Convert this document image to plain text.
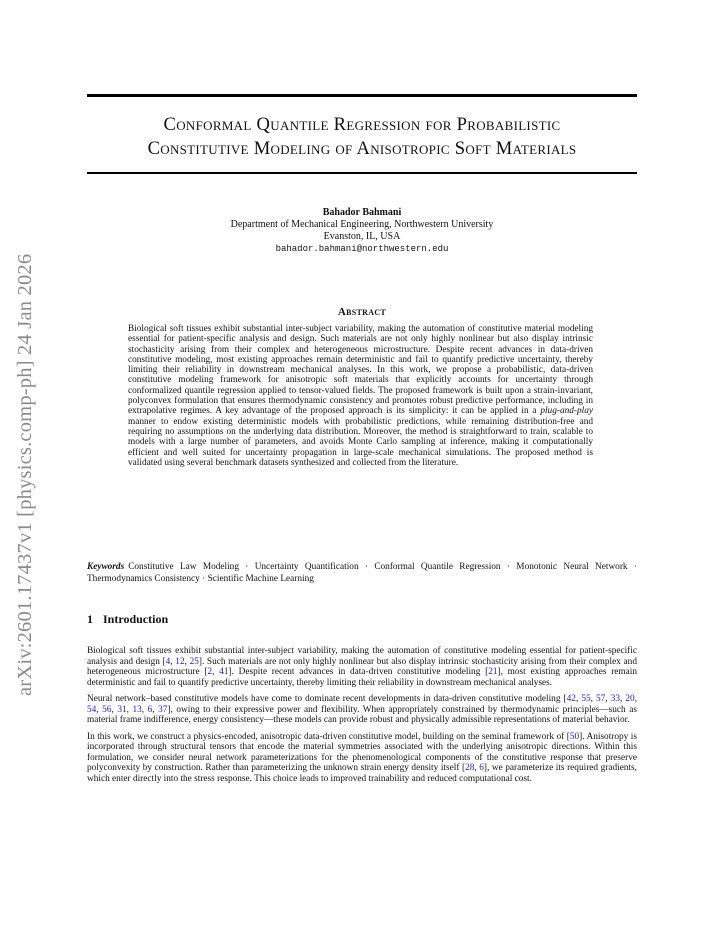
arXiv:2601.17437v1 [physics.comp-ph] 24 Jan 2026
Conformal Quantile Regression for Probabilistic
Constitutive Modeling of Anisotropic Soft Materials
Bahador Bahmani
Department of Mechanical Engineering, Northwestern University
Evanston, IL, USA
bahador.bahmani@northwestern.edu
Abstract
Biological soft tissues exhibit substantial inter-subject variability, making the automation of constitutive material modeling essential for patient-specific analysis and design. Such materials are not only highly nonlinear but also display intrinsic stochasticity arising from their complex and heterogeneous microstructure. Despite recent advances in data-driven constitutive modeling, most existing approaches remain deterministic and fail to quantify predictive uncertainty, thereby limiting their reliability in downstream mechanical analyses. In this work, we propose a probabilistic, data-driven constitutive modeling framework for anisotropic soft materials that explicitly accounts for uncertainty through conformalized quantile regression applied to tensor-valued fields. The proposed framework is built upon a strain-invariant, polyconvex formulation that ensures thermodynamic consistency and promotes robust predictive performance, including in extrapolative regimes. A key advantage of the proposed approach is its simplicity: it can be applied in a plug-and-play manner to endow existing deterministic models with probabilistic predictions, while remaining distribution-free and requiring no assumptions on the underlying data distribution. Moreover, the method is straightforward to train, scalable to models with a large number of parameters, and avoids Monte Carlo sampling at inference, making it computationally efficient and well suited for uncertainty propagation in large-scale mechanical simulations. The proposed method is validated using several benchmark datasets synthesized and collected from the literature.
Keywords Constitutive Law Modeling · Uncertainty Quantification · Conformal Quantile Regression · Monotonic Neural Network · Thermodynamics Consistency · Scientific Machine Learning
1 Introduction

Biological soft tissues exhibit substantial inter-subject variability, making the automation of constitutive modeling essential for patient-specific analysis and design [4, 12, 25]. Such materials are not only highly nonlinear but also display intrinsic stochasticity arising from their complex and heterogeneous microstructure [2, 41]. Despite recent advances in data-driven constitutive modeling [21], most existing approaches remain deterministic and fail to quantify predictive uncertainty, thereby limiting their reliability in downstream mechanical analyses.

Neural network–based constitutive models have come to dominate recent developments in data-driven constitutive modeling [42, 55, 57, 33, 20, 54, 56, 31, 13, 6, 37], owing to their expressive power and flexibility. When appropriately constrained by thermodynamic principles—such as material frame indifference, energy consistency—these models can provide robust and physically admissible representations of material behavior.

In this work, we construct a physics-encoded, anisotropic data-driven constitutive model, building on the seminal framework of [50]. Anisotropy is incorporated through structural tensors that encode the material symmetries associated with the underlying anisotropic directions. Within this formulation, we consider neural network parameterizations for the phenomenological components of the constitutive response that preserve polyconvexity by construction. Rather than parameterizing the unknown strain energy density itself [28, 6], we parameterize its required gradients, which enter directly into the stress response. This choice leads to improved trainability and reduced computational cost.
